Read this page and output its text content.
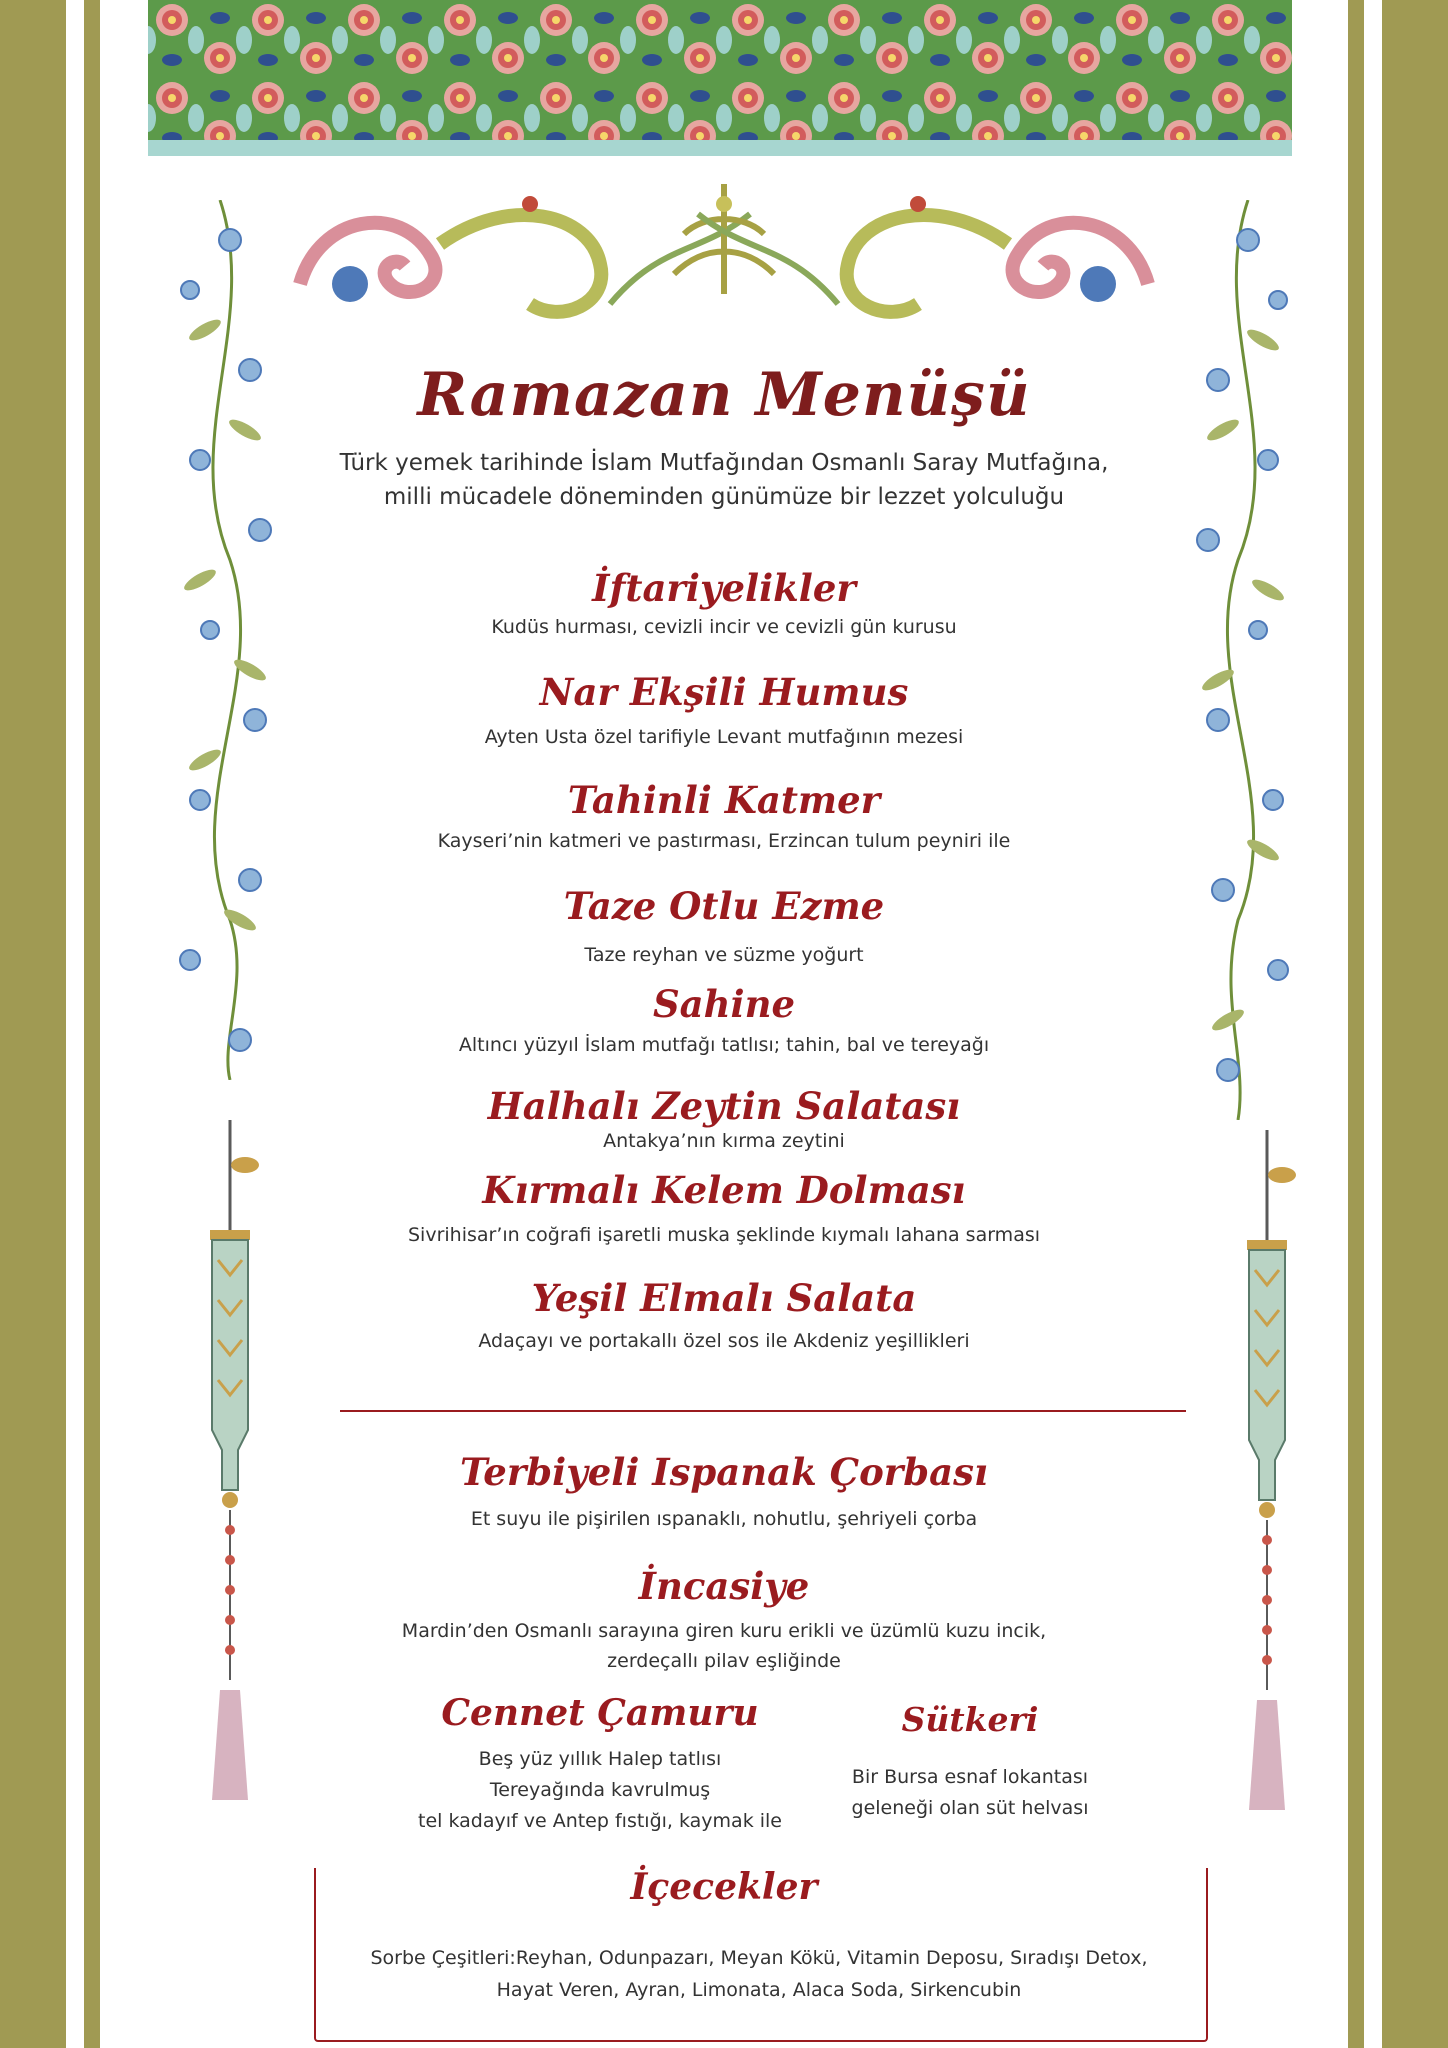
Ramazan Menüşü
Türk yemek tarihinde İslam Mutfağından Osmanlı Saray Mutfağına,
milli mücadele döneminden günümüze bir lezzet yolculuğu
İftariyelikler
Kudüs hurması, cevizli incir ve cevizli gün kurusu
Nar Ekşili Humus
Ayten Usta özel tarifiyle Levant mutfağının mezesi
Tahinli Katmer
Kayseri’nin katmeri ve pastırması, Erzincan tulum peyniri ile
Taze Otlu Ezme
Taze reyhan ve süzme yoğurt
Sahine
Altıncı yüzyıl İslam mutfağı tatlısı; tahin, bal ve tereyağı
Halhalı Zeytin Salatası
Antakya’nın kırma zeytini
Kırmalı Kelem Dolması
Sivrihisar’ın coğrafi işaretli muska şeklinde kıymalı lahana sarması
Yeşil Elmalı Salata
Adaçayı ve portakallı özel sos ile Akdeniz yeşillikleri
Terbiyeli Ispanak Çorbası
Et suyu ile pişirilen ıspanaklı, nohutlu, şehriyeli çorba
İncasiye
Mardin’den Osmanlı sarayına giren kuru erikli ve üzümlü kuzu incik,
zerdeçallı pilav eşliğinde
Cennet Çamuru
Beş yüz yıllık Halep tatlısı
Tereyağında kavrulmuş
tel kadayıf ve Antep fıstığı, kaymak ile
Sütkeri
Bir Bursa esnaf lokantası
geleneği olan süt helvası
İçecekler
Sorbe Çeşitleri:Reyhan, Odunpazarı, Meyan Kökü, Vitamin Deposu, Sıradışı Detox,
Hayat Veren, Ayran, Limonata, Alaca Soda, Sirkencubin
